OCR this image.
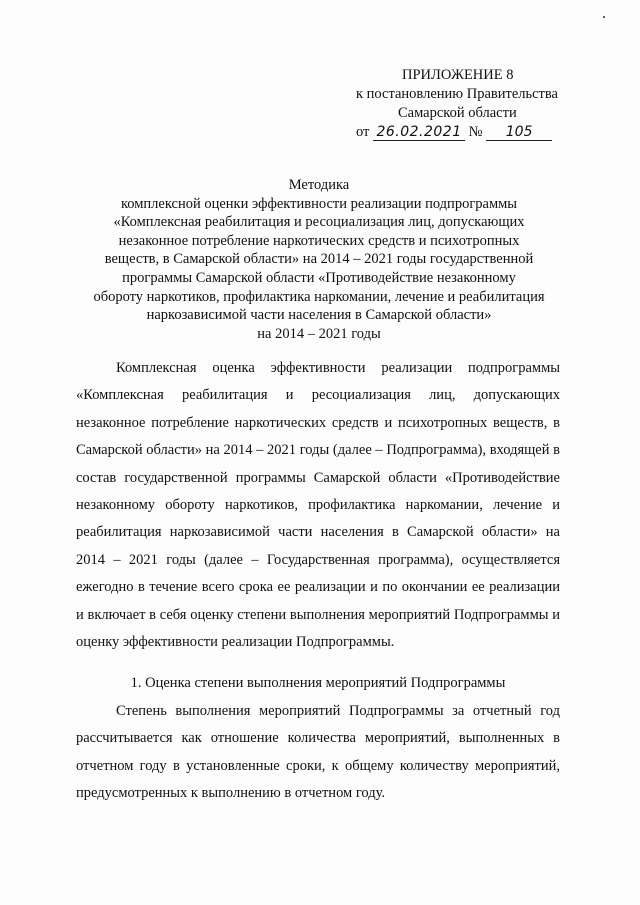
ПРИЛОЖЕНИЕ 8
к постановлению Правительства
Самарской области
от 26.02.2021 № 105
Методика
комплексной оценки эффективности реализации подпрограммы
«Комплексная реабилитация и ресоциализация лиц, допускающих
незаконное потребление наркотических средств и психотропных
веществ, в Самарской области» на 2014 – 2021 годы государственной
программы Самарской области «Противодействие незаконному
обороту наркотиков, профилактика наркомании, лечение и реабилитация
наркозависимой части населения в Самарской области»
на 2014 – 2021 годы

Комплексная оценка эффективности реализации подпрограммы «Комплексная реабилитация и ресоциализация лиц, допускающих незаконное потребление наркотических средств и психотропных веществ, в Самарской области» на 2014 – 2021 годы (далее – Подпрограмма), входящей в состав государственной программы Самарской области «Противодействие незаконному обороту наркотиков, профилактика наркомании, лечение и реабилитация наркозависимой части населения в Самарской области» на 2014 – 2021 годы (далее – Государственная программа), осуществляется ежегодно в течение всего срока ее реализации и по окончании ее реализации и включает в себя оценку степени выполнения мероприятий Подпрограммы и оценку эффективности реализации Подпрограммы.

1. Оценка степени выполнения мероприятий Подпрограммы

Степень выполнения мероприятий Подпрограммы за отчетный год рассчитывается как отношение количества мероприятий, выполненных в отчетном году в установленные сроки, к общему количеству мероприятий, предусмотренных к выполнению в отчетном году.
